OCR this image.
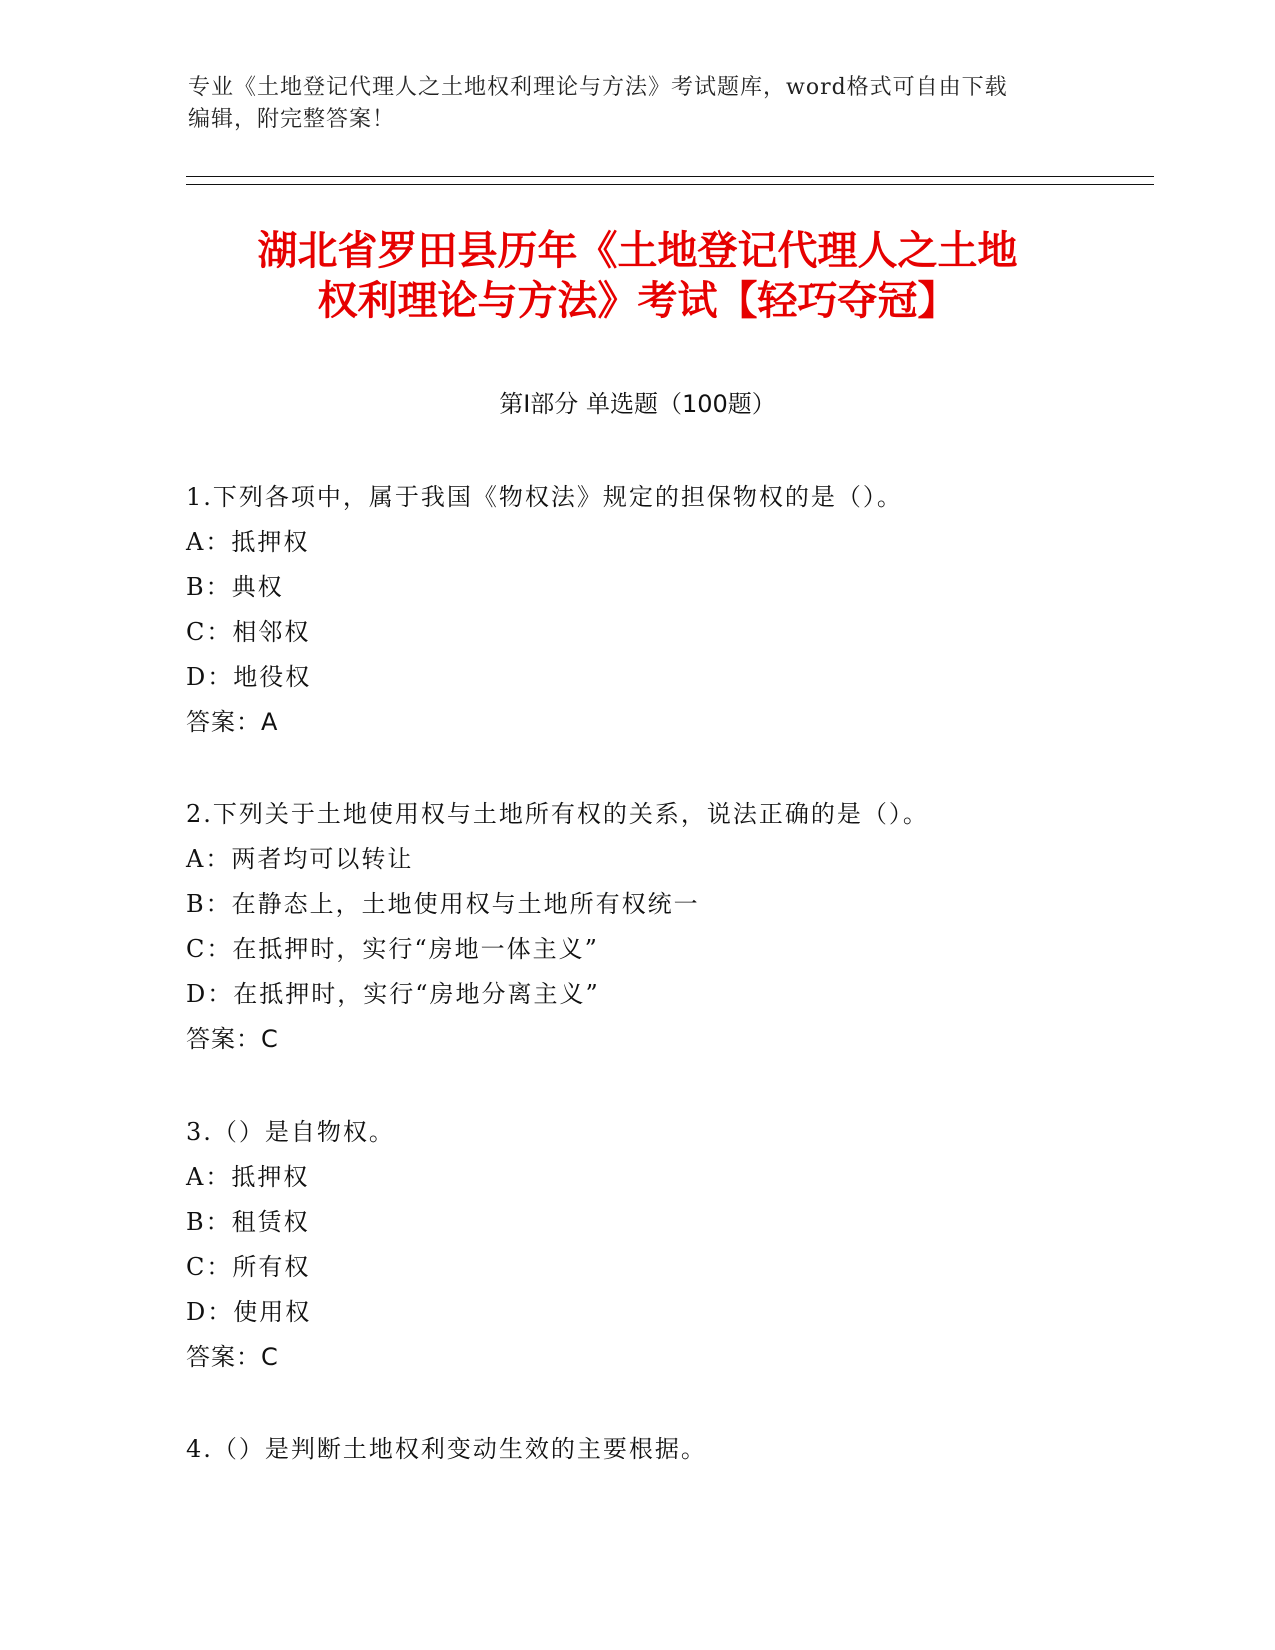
专业《土地登记代理人之土地权利理论与方法》考试题库，word格式可自由下载
编辑，附完整答案！
湖北省罗田县历年《土地登记代理人之土地
权利理论与方法》考试【轻巧夺冠】
第Ⅰ部分 单选题（100题）
1.下列各项中，属于我国《物权法》规定的担保物权的是（）。
A：抵押权
B：典权
C：相邻权
D：地役权
答案：A
2.下列关于土地使用权与土地所有权的关系，说法正确的是（）。
A：两者均可以转让
B：在静态上，土地使用权与土地所有权统一
C：在抵押时，实行“房地一体主义”
D：在抵押时，实行“房地分离主义”
答案：C
3.（）是自物权。
A：抵押权
B：租赁权
C：所有权
D：使用权
答案：C
4.（）是判断土地权利变动生效的主要根据。
